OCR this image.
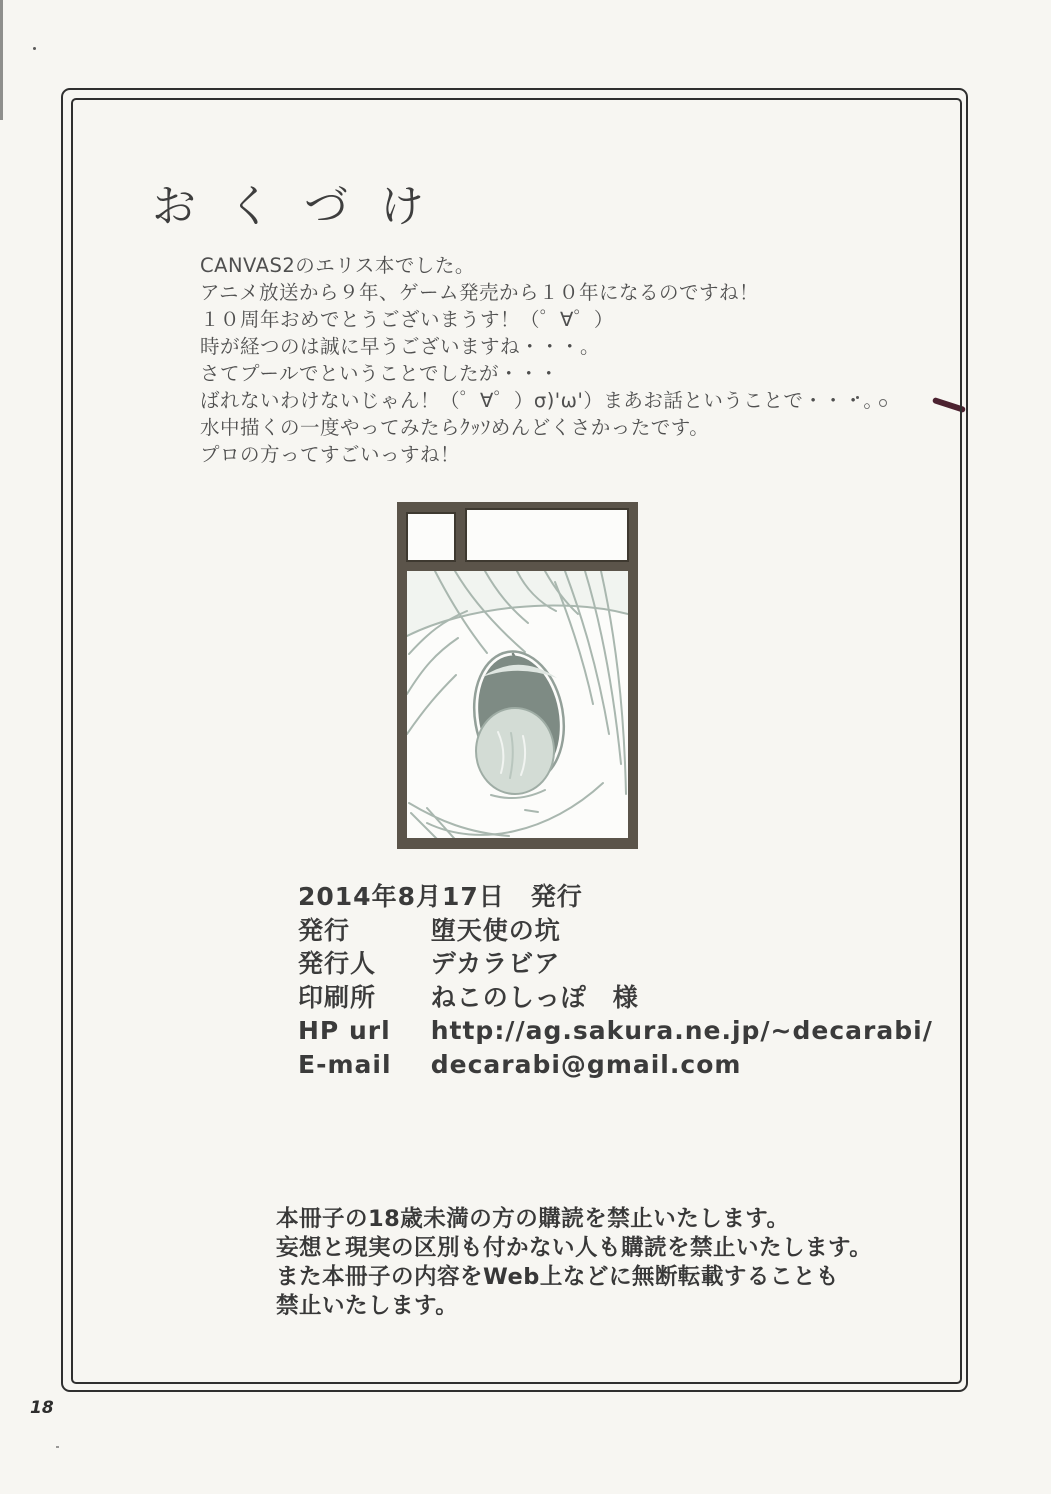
おくづけ
CANVAS2のエリス本でした。
アニメ放送から９年、ゲーム発売から１０年になるのですね！
１０周年おめでとうございまうす！（゜∀゜）
時が経つのは誠に早うございますね・・・。
さてプールでということでしたが・・・
ばれないわけないじゃん！（゜∀゜）σ)'ω'）まあお話ということで・・・。
水中描くの一度やってみたらｸｯｿめんどくさかったです。
プロの方ってすごいっすね！
2014年8月17日　発行
発行	堕天使の坑
発行人 デカラビア
印刷所 ねこのしっぽ　様
HP url http://ag.sakura.ne.jp/~decarabi/
E-mail decarabi@gmail.com
本冊子の18歳未満の方の購読を禁止いたします。
妄想と現実の区別も付かない人も購読を禁止いたします。
また本冊子の内容をWeb上などに無断転載することも
禁止いたします。
18
